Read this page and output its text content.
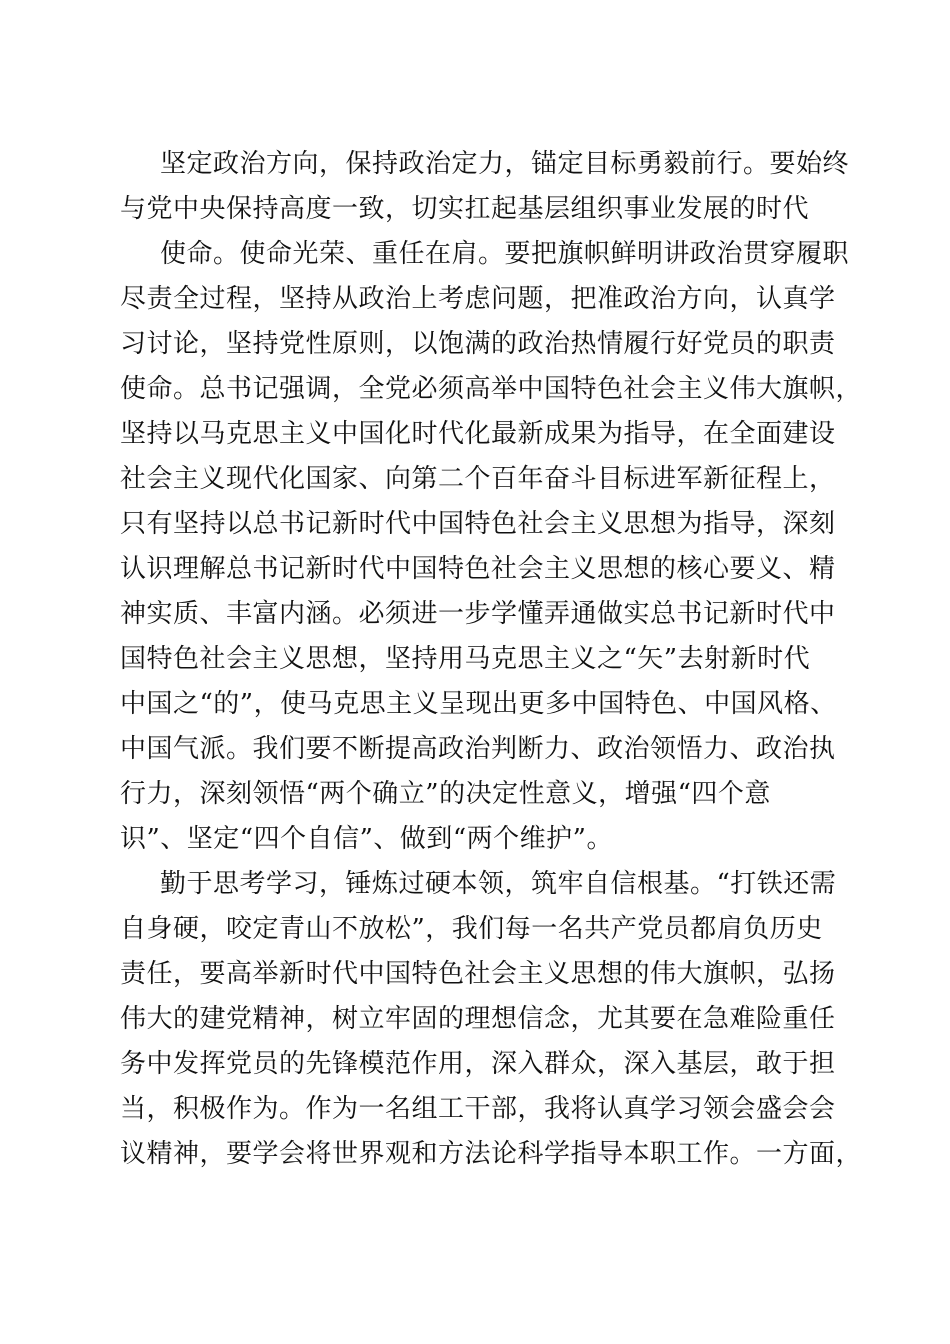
坚定政治方向，保持政治定力，锚定目标勇毅前行。要始终
与党中央保持高度一致，切实扛起基层组织事业发展的时代
使命。使命光荣、重任在肩。要把旗帜鲜明讲政治贯穿履职
尽责全过程，坚持从政治上考虑问题，把准政治方向，认真学
习讨论，坚持党性原则，以饱满的政治热情履行好党员的职责
使命。总书记强调，全党必须高举中国特色社会主义伟大旗帜，
坚持以马克思主义中国化时代化最新成果为指导，在全面建设
社会主义现代化国家、向第二个百年奋斗目标进军新征程上，
只有坚持以总书记新时代中国特色社会主义思想为指导，深刻
认识理解总书记新时代中国特色社会主义思想的核心要义、精
神实质、丰富内涵。必须进一步学懂弄通做实总书记新时代中
国特色社会主义思想，坚持用马克思主义之“矢”去射新时代
中国之“的”，使马克思主义呈现出更多中国特色、中国风格、
中国气派。我们要不断提高政治判断力、政治领悟力、政治执
行力，深刻领悟“两个确立”的决定性意义，增强“四个意
识”、坚定“四个自信”、做到“两个维护”。
勤于思考学习，锤炼过硬本领，筑牢自信根基。“打铁还需
自身硬，咬定青山不放松”，我们每一名共产党员都肩负历史
责任，要高举新时代中国特色社会主义思想的伟大旗帜，弘扬
伟大的建党精神，树立牢固的理想信念，尤其要在急难险重任
务中发挥党员的先锋模范作用，深入群众，深入基层，敢于担
当，积极作为。作为一名组工干部，我将认真学习领会盛会会
议精神，要学会将世界观和方法论科学指导本职工作。一方面，
